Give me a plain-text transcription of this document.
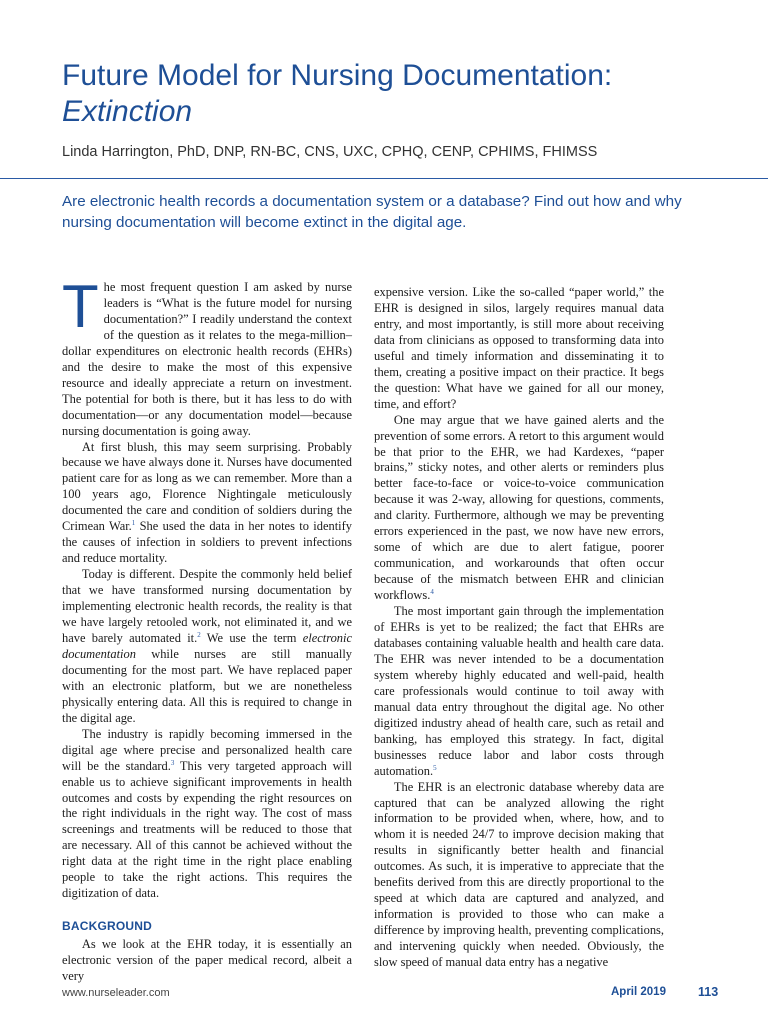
Future Model for Nursing Documentation:
Extinction
Linda Harrington, PhD, DNP, RN-BC, CNS, UXC, CPHQ, CENP, CPHIMS, FHIMSS
Are electronic health records a documentation system or a database? Find out how and why nursing documentation will become extinct in the digital age.

The most frequent question I am asked by nurse leaders is “What is the future model for nursing documentation?” I readily understand the context of the question as it relates to the mega-million–dollar expenditures on electronic health records (EHRs) and the desire to make the most of this expensive resource and ideally appreciate a return on investment. The potential for both is there, but it has less to do with documentation—or any documentation model—because nursing documentation is going away.

At first blush, this may seem surprising. Probably because we have always done it. Nurses have documented patient care for as long as we can remember. More than a 100 years ago, Florence Nightingale meticulously documented the care and condition of soldiers during the Crimean War.$^1$ She used the data in her notes to identify the causes of infection in soldiers to prevent infections and reduce mortality.

Today is different. Despite the commonly held belief that we have transformed nursing documentation by implementing electronic health records, the reality is that we have largely retooled work, not eliminated it, and we have barely automated it.$^2$ We use the term electronic documentation while nurses are still manually documenting for the most part. We have replaced paper with an electronic platform, but we are nonetheless physically entering data. All this is required to change in the digital age.

The industry is rapidly becoming immersed in the digital age where precise and personalized health care will be the standard.$^3$ This very targeted approach will enable us to achieve significant improvements in health outcomes and costs by expending the right resources on the right individuals in the right way. The cost of mass screenings and treatments will be reduced to those that are necessary. All of this cannot be achieved without the right data at the right time in the right place enabling people to take the right actions. This requires the digitization of data.

BACKGROUND

As we look at the EHR today, it is essentially an electronic version of the paper medical record, albeit a very

expensive version. Like the so-called “paper world,” the EHR is designed in silos, largely requires manual data entry, and most importantly, is still more about receiving data from clinicians as opposed to transforming data into useful and timely information and disseminating it to them, creating a positive impact on their practice. It begs the question: What have we gained for all our money, time, and effort?

One may argue that we have gained alerts and the prevention of some errors. A retort to this argument would be that prior to the EHR, we had Kardexes, “paper brains,” sticky notes, and other alerts or reminders plus better face-to-face or voice-to-voice communication because it was 2-way, allowing for questions, comments, and clarity. Furthermore, although we may be preventing errors experienced in the past, we now have new errors, some of which are due to alert fatigue, poorer communication, and workarounds that often occur because of the mismatch between EHR and clinician workflows.$^4$

The most important gain through the implementation of EHRs is yet to be realized; the fact that EHRs are databases containing valuable health and health care data. The EHR was never intended to be a documentation system whereby highly educated and well-paid, health care professionals would continue to toil away with manual data entry throughout the digital age. No other digitized industry ahead of health care, such as retail and banking, has employed this strategy. In fact, digital businesses reduce labor and labor costs through automation.$^5$

The EHR is an electronic database whereby data are captured that can be analyzed allowing the right information to be provided when, where, how, and to whom it is needed 24/7 to improve decision making that results in significantly better health and financial outcomes. As such, it is imperative to appreciate that the benefits derived from this are directly proportional to the speed at which data are captured and analyzed, and information is provided to those who can make a difference by improving health, preventing complications, and intervening quickly when needed. Obviously, the slow speed of manual data entry has a negative

www.nurseleader.com	April 2019	113
